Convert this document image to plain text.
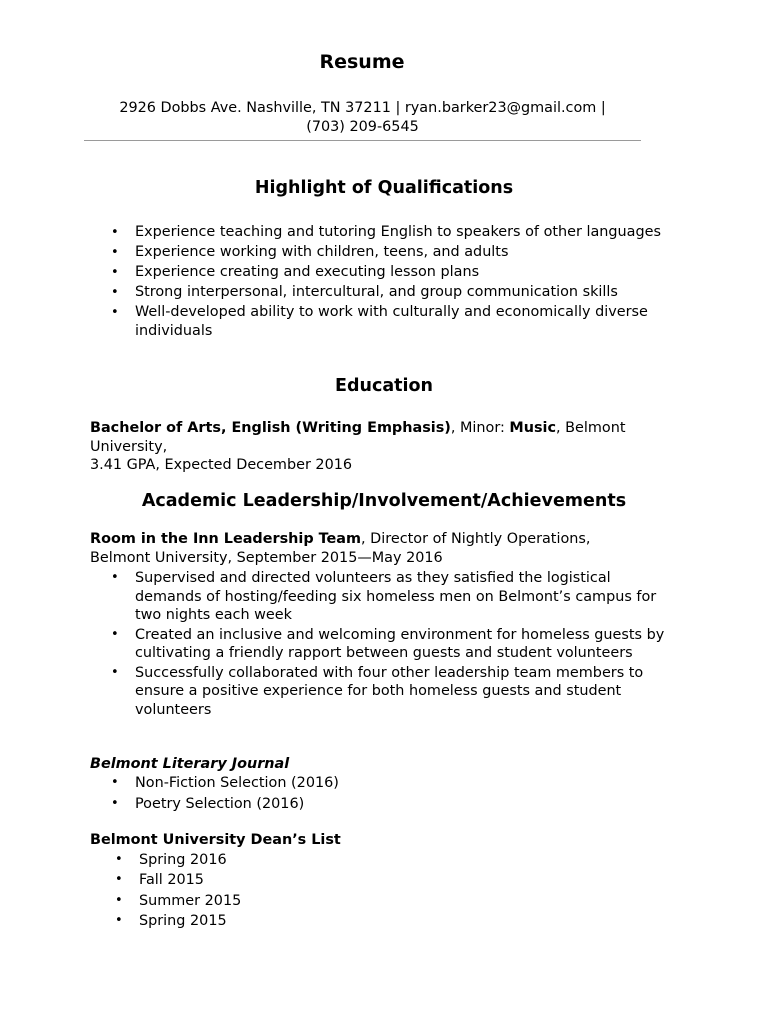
Resume
2926 Dobbs Ave. Nashville, TN 37211 | ryan.barker23@gmail.com |
(703) 209-6545
Highlight of Qualifications
• Experience teaching and tutoring English to speakers of other languages
• Experience working with children, teens, and adults
• Experience creating and executing lesson plans
• Strong interpersonal, intercultural, and group communication skills
• Well-developed ability to work with culturally and economically diverse individuals
Education
Bachelor of Arts, English (Writing Emphasis), Minor: Music, Belmont University,
3.41 GPA, Expected December 2016
Academic Leadership/Involvement/Achievements
Room in the Inn Leadership Team, Director of Nightly Operations, Belmont University, September 2015—May 2016
• Supervised and directed volunteers as they satisfied the logistical demands of hosting/feeding six homeless men on Belmont’s campus for two nights each week
• Created an inclusive and welcoming environment for homeless guests by cultivating a friendly rapport between guests and student volunteers
• Successfully collaborated with four other leadership team members to ensure a positive experience for both homeless guests and student volunteers
Belmont Literary Journal
• Non-Fiction Selection (2016)
• Poetry Selection (2016)
Belmont University Dean’s List
• Spring 2016
• Fall 2015
• Summer 2015
• Spring 2015
